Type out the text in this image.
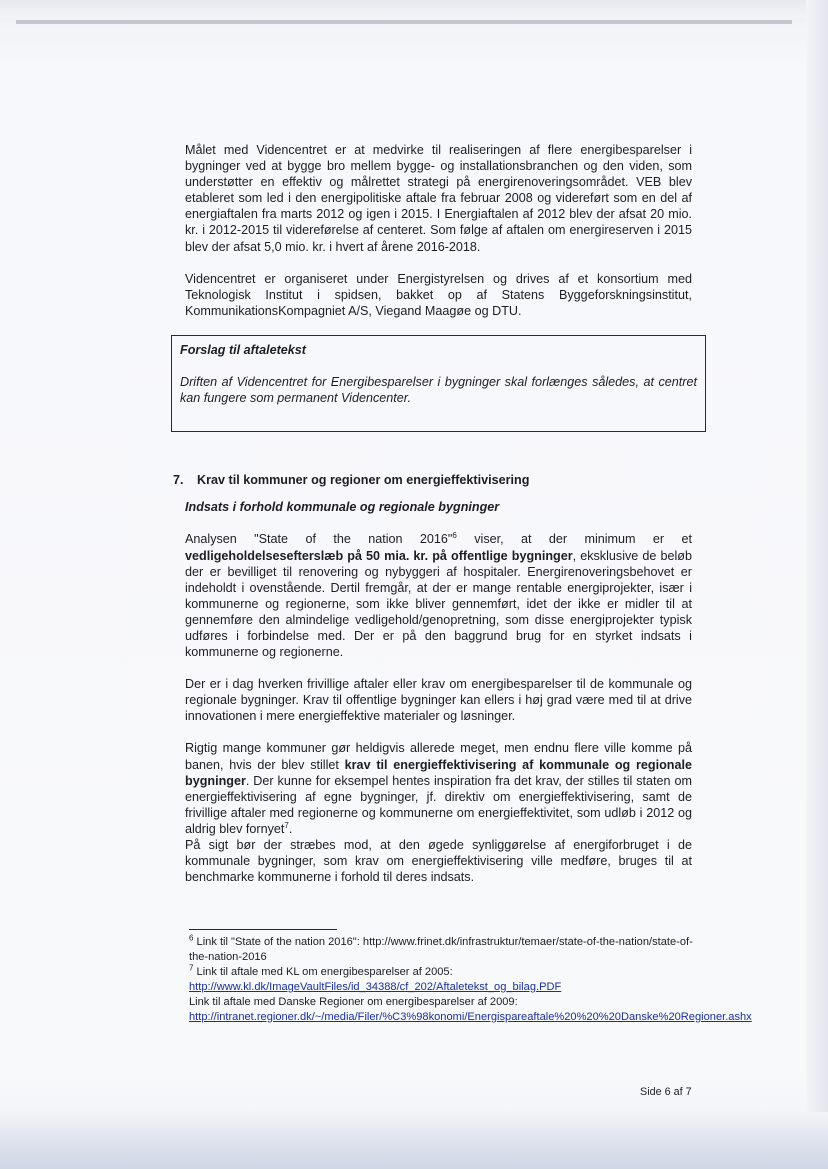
Målet med Videncentret er at medvirke til realiseringen af flere energibesparelser i bygninger ved at bygge bro mellem bygge- og installationsbranchen og den viden, som understøtter en effektiv og målrettet strategi på energirenoveringsområdet. VEB blev etableret som led i den energipolitiske aftale fra februar 2008 og videreført som en del af energiaftalen fra marts 2012 og igen i 2015. I Energiaftalen af 2012 blev der afsat 20 mio. kr. i 2012-2015 til videreførelse af centeret. Som følge af aftalen om energireserven i 2015 blev der afsat 5,0 mio. kr. i hvert af årene 2016-2018.

Videncentret er organiseret under Energistyrelsen og drives af et konsortium med Teknologisk Institut i spidsen, bakket op af Statens Byggeforskningsinstitut, KommunikationsKompagniet A/S, Viegand Maagøe og DTU.

Forslag til aftaletekst

Driften af Videncentret for Energibesparelser i bygninger skal forlænges således, at centret kan fungere som permanent Videncenter.

7. Krav til kommuner og regioner om energieffektivisering

Indsats i forhold kommunale og regionale bygninger

Analysen "State of the nation 2016"$^6$ viser, at der minimum er et vedligeholdelsesefterslæb på 50 mia. kr. på offentlige bygninger, eksklusive de beløb der er bevilliget til renovering og nybyggeri af hospitaler. Energirenoveringsbehovet er indeholdt i ovenstående. Dertil fremgår, at der er mange rentable energiprojekter, især i kommunerne og regionerne, som ikke bliver gennemført, idet der ikke er midler til at gennemføre den almindelige vedligehold/genopretning, som disse energiprojekter typisk udføres i forbindelse med. Der er på den baggrund brug for en styrket indsats i kommunerne og regionerne.

Der er i dag hverken frivillige aftaler eller krav om energibesparelser til de kommunale og regionale bygninger. Krav til offentlige bygninger kan ellers i høj grad være med til at drive innovationen i mere energieffektive materialer og løsninger.

Rigtig mange kommuner gør heldigvis allerede meget, men endnu flere ville komme på banen, hvis der blev stillet krav til energieffektivisering af kommunale og regionale bygninger. Der kunne for eksempel hentes inspiration fra det krav, der stilles til staten om energieffektivisering af egne bygninger, jf. direktiv om energieffektivisering, samt de frivillige aftaler med regionerne og kommunerne om energieffektivitet, som udløb i 2012 og aldrig blev fornyet$^7$.

På sigt bør der stræbes mod, at den øgede synliggørelse af energiforbruget i de kommunale bygninger, som krav om energieffektivisering ville medføre, bruges til at benchmarke kommunerne i forhold til deres indsats.

$^6$ Link til "State of the nation 2016": http://www.frinet.dk/infrastruktur/temaer/state-of-the-nation/state-of-the-nation-2016

$^7$ Link til aftale med KL om energibesparelser af 2005:

http://www.kl.dk/ImageVaultFiles/id_34388/cf_202/Aftaletekst_og_bilag.PDF

Link til aftale med Danske Regioner om energibesparelser af 2009:

http://intranet.regioner.dk/~/media/Filer/%C3%98konomi/Energispareaftale%20%20%20Danske%20Regioner.ashx

Side 6 af 7
